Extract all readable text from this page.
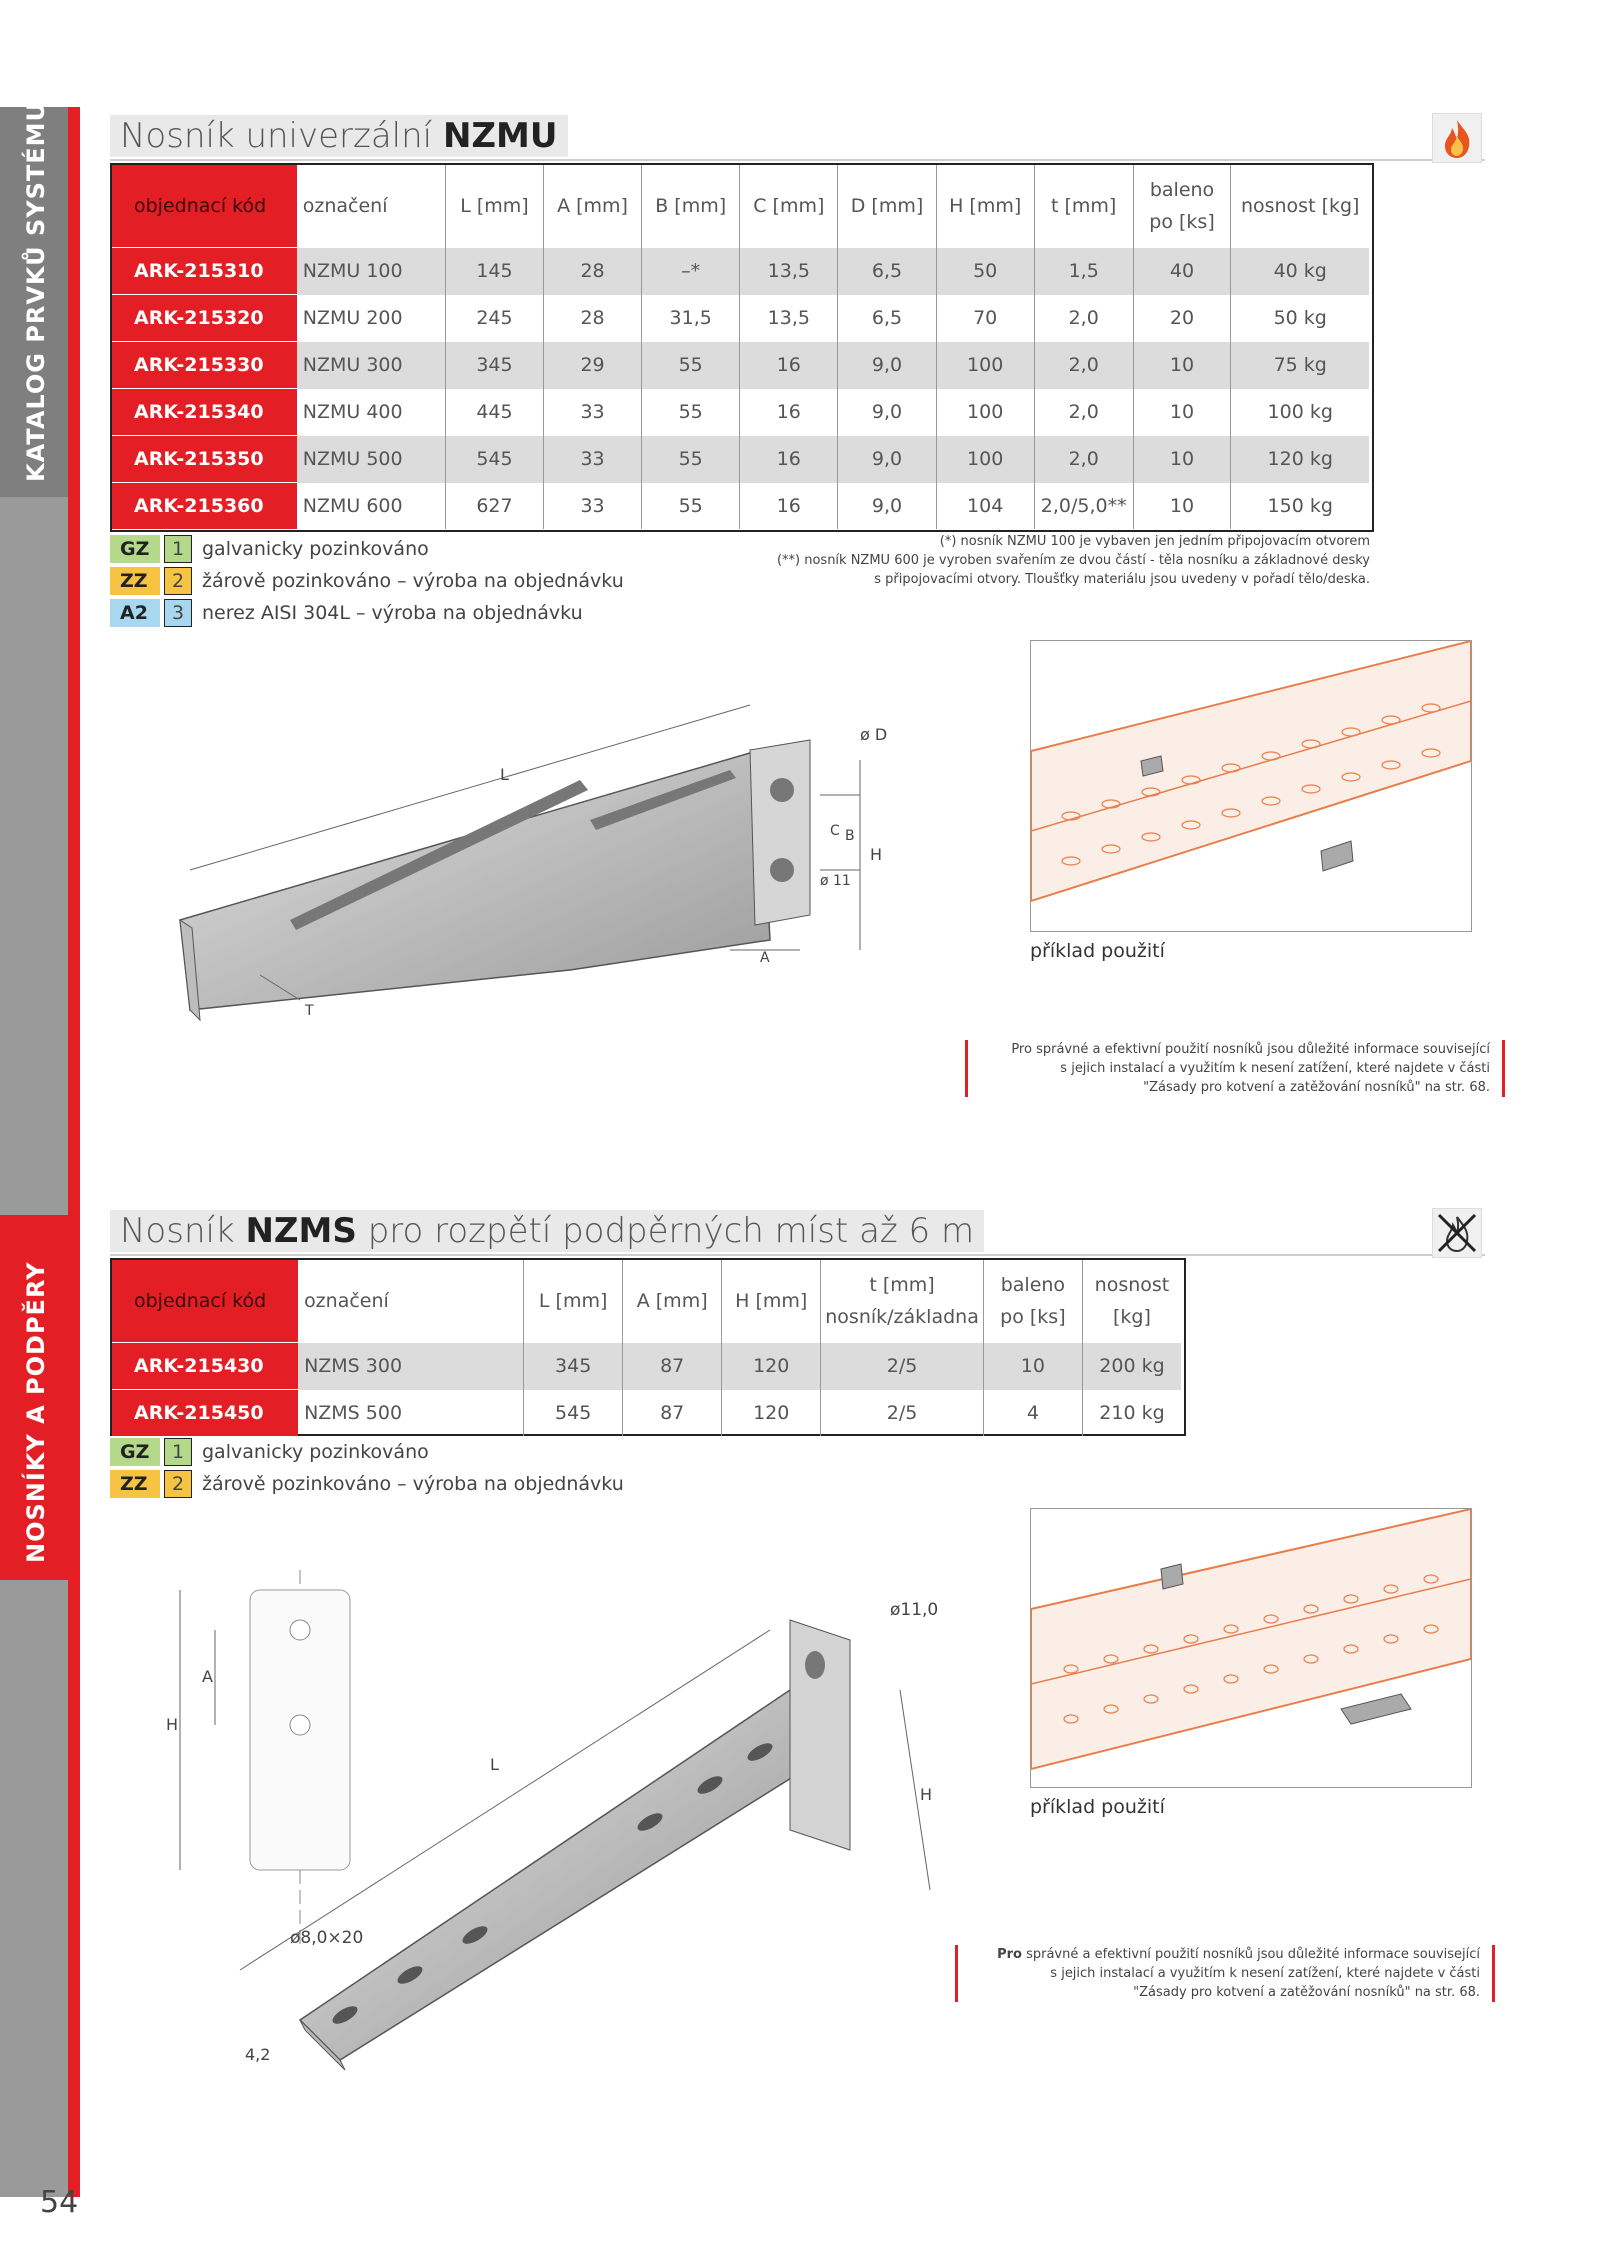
KATALOG PRVKŮ SYSTÉMU
NOSNÍKY A PODPĚRY
54
Nosník univerzální NZMU
objednací kód	označení	L [mm]	A [mm]	B [mm]	C [mm]	D [mm]	H [mm]	t [mm]	baleno po [ks]	nosnost [kg]
ARK-215310	NZMU 100	145	28	–*	13,5	6,5	50	1,5	40	40 kg
ARK-215320	NZMU 200	245	28	31,5	13,5	6,5	70	2,0	20	50 kg
ARK-215330	NZMU 300	345	29	55	16	9,0	100	2,0	10	75 kg
ARK-215340	NZMU 400	445	33	55	16	9,0	100	2,0	10	100 kg
ARK-215350	NZMU 500	545	33	55	16	9,0	100	2,0	10	120 kg
ARK-215360	NZMU 600	627	33	55	16	9,0	104	2,0/5,0**	10	150 kg
GZ	1 galvanicky pozinkováno
ZZ	2 žárově pozinkováno – výroba na objednávku
A2	3 nerez AISI 304L – výroba na objednávku
(*) nosník NZMU 100 je vybaven jen jedním připojovacím otvorem
(**) nosník NZMU 600 je vyroben svařením ze dvou částí - těla nosníku a základnové desky
s připojovacími otvory. Tloušťky materiálu jsou uvedeny v pořadí tělo/deska.
L
ø D
C B
ø 11
H
A
T
příklad použití
Pro správné a efektivní použití nosníků jsou důležité informace související
s jejich instalací a využitím k nesení zatížení, které najdete v části
"Zásady pro kotvení a zatěžování nosníků" na str. 68.
Nosník NZMS pro rozpětí podpěrných míst až 6 m
objednací kód	označení	L [mm]	A [mm]	H [mm]	t [mm] nosník/základna	baleno po [ks]	nosnost [kg]
ARK-215430	NZMS 300	345	87	120	2/5	10	200 kg
ARK-215450	NZMS 500	545	87	120	2/5	4	210 kg
GZ	1 galvanicky pozinkováno
ZZ	2 žárově pozinkováno – výroba na objednávku
H
A
ø11,0
H
L
ø8,0×20
4,2
příklad použití
Pro správné a efektivní použití nosníků jsou důležité informace související
s jejich instalací a využitím k nesení zatížení, které najdete v části
"Zásady pro kotvení a zatěžování nosníků" na str. 68.
